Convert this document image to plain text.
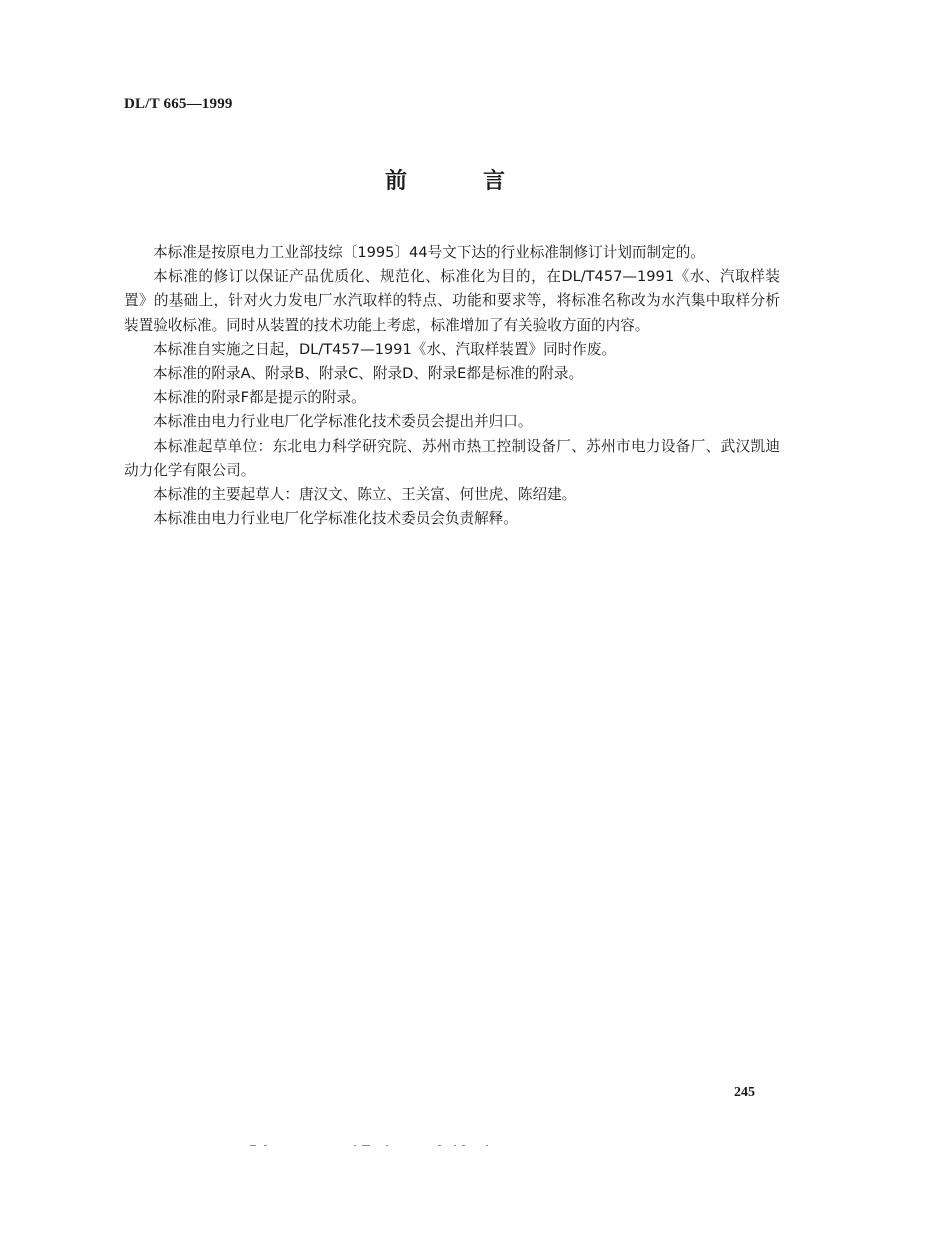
DL/T 665—1999
前	言

本标准是按原电力工业部技综〔1995〕44号文下达的行业标准制修订计划而制定的。

本标准的修订以保证产品优质化、规范化、标准化为目的，在DL/T457—1991《水、汽取样装置》的基础上，针对火力发电厂水汽取样的特点、功能和要求等，将标准名称改为水汽集中取样分析装置验收标准。同时从装置的技术功能上考虑，标准增加了有关验收方面的内容。

本标准自实施之日起，DL/T457—1991《水、汽取样装置》同时作废。

本标准的附录A、附录B、附录C、附录D、附录E都是标准的附录。

本标准的附录F都是提示的附录。

本标准由电力行业电厂化学标准化技术委员会提出并归口。

本标准起草单位：东北电力科学研究院、苏州市热工控制设备厂、苏州市电力设备厂、武汉凯迪动力化学有限公司。

本标准的主要起草人：唐汉文、陈立、王关富、何世虎、陈绍建。

本标准由电力行业电厂化学标准化技术委员会负责解释。

245
